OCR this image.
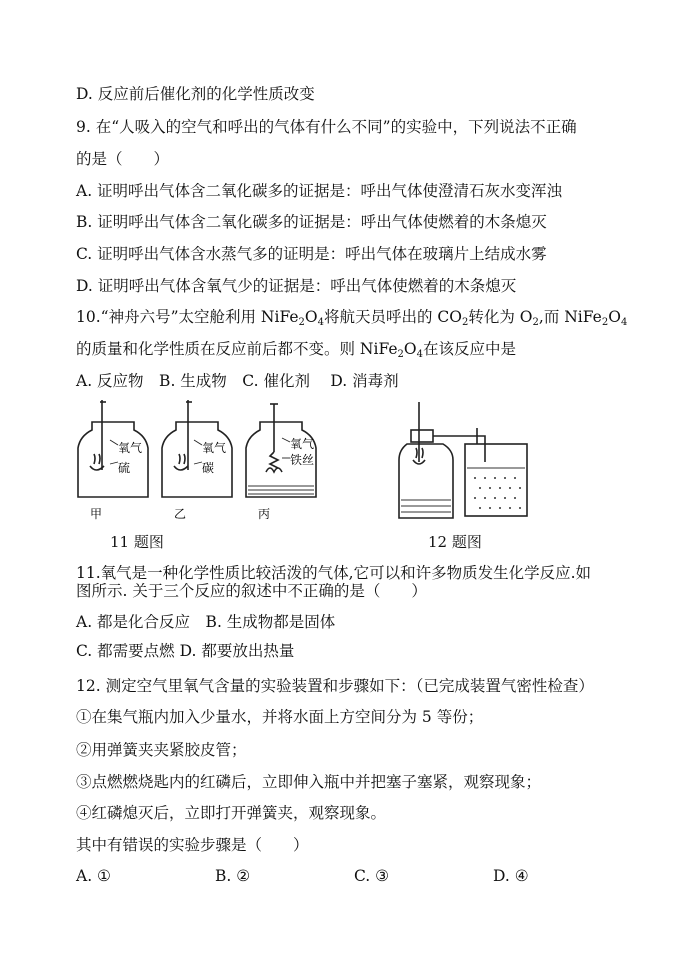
D. 反应前后催化剂的化学性质改变
9. 在“人吸入的空气和呼出的气体有什么不同”的实验中，下列说法不正确
的是（　　）
A. 证明呼出气体含二氧化碳多的证据是：呼出气体使澄清石灰水变浑浊
B. 证明呼出气体含二氧化碳多的证据是：呼出气体使燃着的木条熄灭
C. 证明呼出气体含水蒸气多的证明是：呼出气体在玻璃片上结成水雾
D. 证明呼出气体含氧气少的证据是：呼出气体使燃着的木条熄灭
10.“神舟六号”太空舱利用 $NiFe_2O_4$将航天员呼出的 $CO_2$转化为 $O_2$,而 $NiFe_2O_4$
的质量和化学性质在反应前后都不变。则 $NiFe_2O_4$在该反应中是
A. 反应物　B. 生成物　C. 催化剂　 D. 消毒剂
氧气
硫
氧气
碳
氧气
铁丝
甲	乙	丙
11 题图	12 题图
11.氧气是一种化学性质比较活泼的气体,它可以和许多物质发生化学反应.如
图所示. 关于三个反应的叙述中不正确的是（　　）
A. 都是化合反应　B. 生成物都是固体
C. 都需要点燃 D. 都要放出热量
12. 测定空气里氧气含量的实验装置和步骤如下：（已完成装置气密性检查）
①在集气瓶内加入少量水，并将水面上方空间分为 5 等份；
②用弹簧夹夹紧胶皮管；
③点燃燃烧匙内的红磷后，立即伸入瓶中并把塞子塞紧，观察现象；
④红磷熄灭后，立即打开弹簧夹，观察现象。
其中有错误的实验步骤是（　　）
A. ①	B. ②	C. ③	D. ④
